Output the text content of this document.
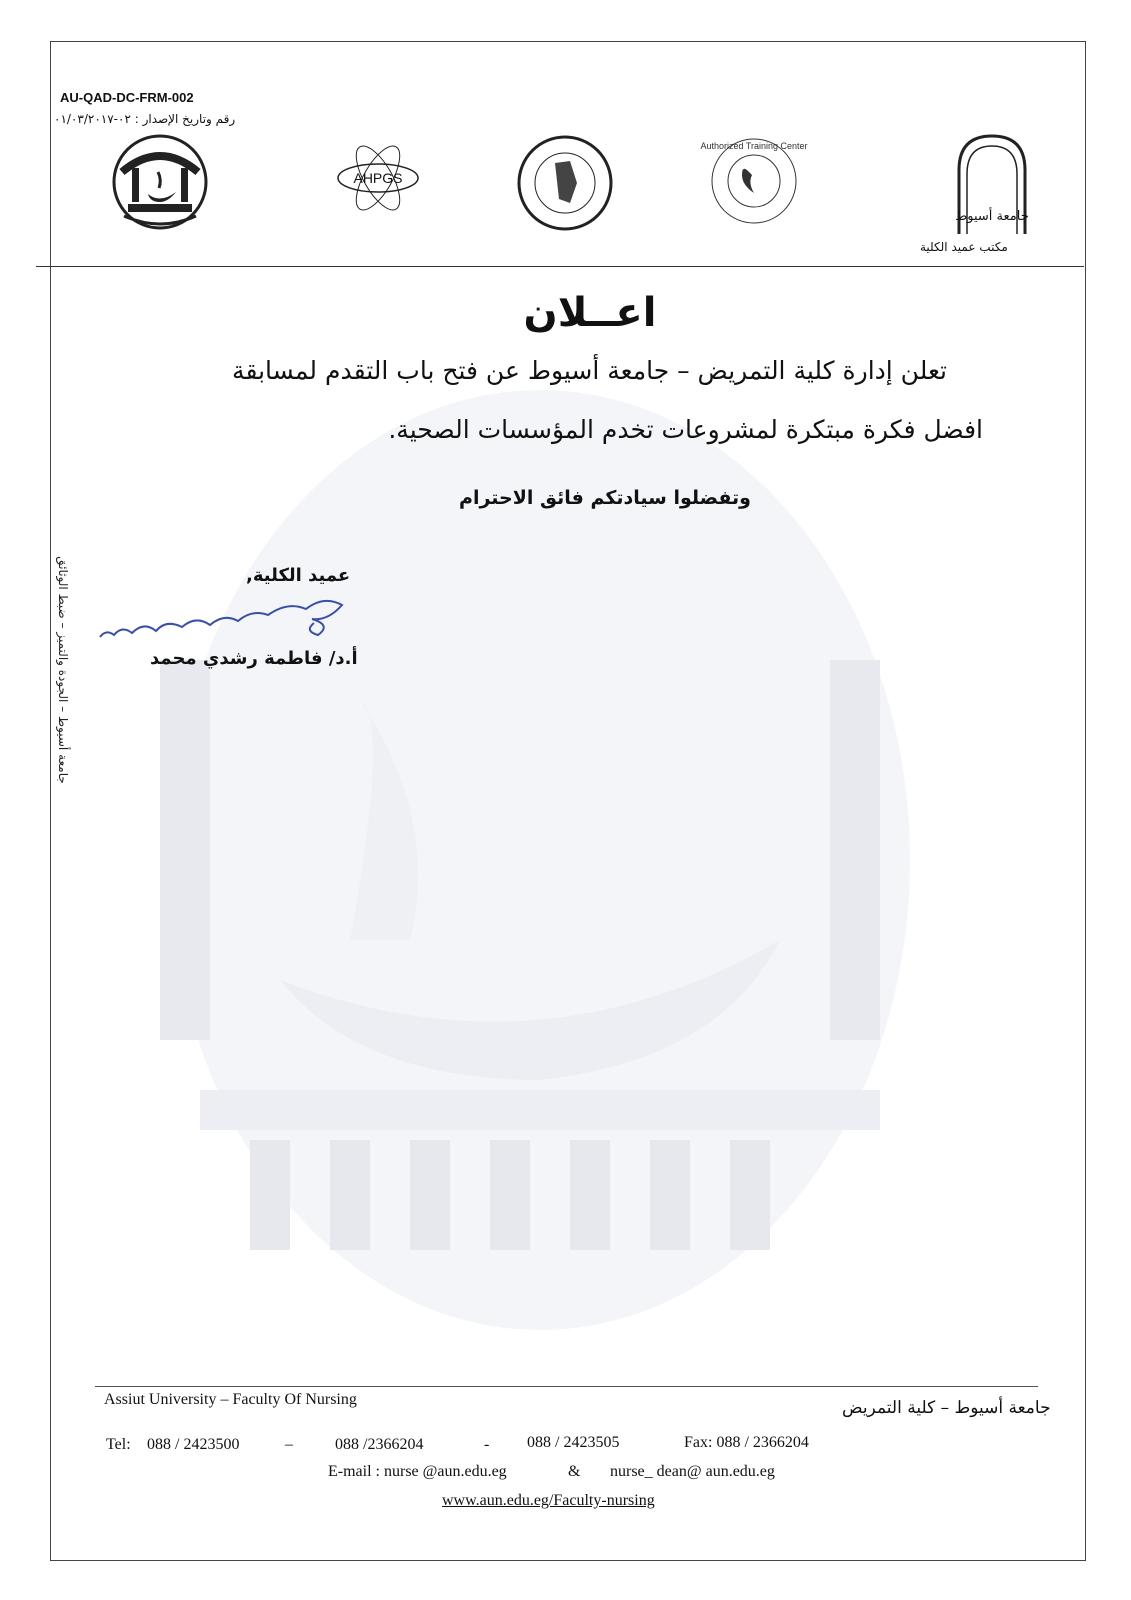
AU-QAD-DC-FRM-002
رقم وتاريخ الإصدار : ٠٢-٠١/٠٣/٢٠١٧
AHPGS
Authorized Training Center
جامعة أسيوط
مكتب عميد الكلية
اعــلان
تعلن إدارة كلية التمريض – جامعة أسيوط عن فتح باب التقدم لمسابقة
افضل فكرة مبتكرة لمشروعات تخدم المؤسسات الصحية.
وتفضلوا سيادتكم فائق الاحترام
عميد الكلية,
أ.د/ فاطمة رشدي محمد
جامعة أسيوط – الجودة والتميز – ضبط الوثائق
Assiut University – Faculty Of Nursing	جامعة أسيوط – كلية التمريض
Tel: 088 / 2423500	–	088 /2366204	- 088 / 2423505	Fax: 088 / 2366204
E-mail : nurse @aun.edu.eg	& nurse_ dean@ aun.edu.eg
www.aun.edu.eg/Faculty-nursing
